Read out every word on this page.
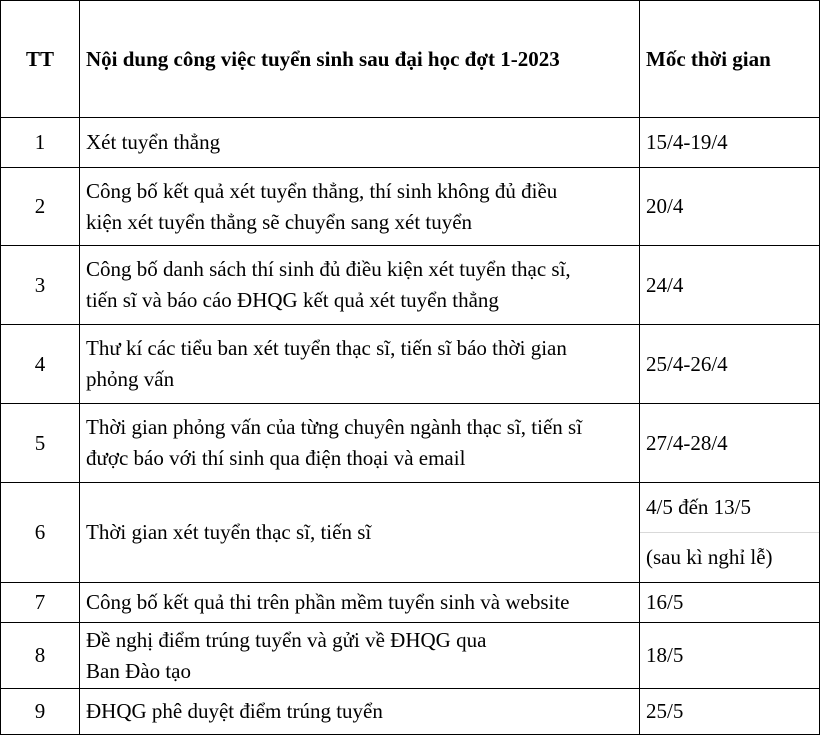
TT	Nội dung công việc tuyển sinh sau đại học đợt 1-2023	Mốc thời gian
1	Xét tuyển thẳng	15/4-19/4
2	Công bố kết quả xét tuyển thẳng, thí sinh không đủ điều
kiện xét tuyển thẳng sẽ chuyển sang xét tuyển	20/4
3	Công bố danh sách thí sinh đủ điều kiện xét tuyển thạc sĩ,
tiến sĩ và báo cáo ĐHQG kết quả xét tuyển thẳng	24/4
4	Thư kí các tiểu ban xét tuyển thạc sĩ, tiến sĩ báo thời gian
phỏng vấn	25/4-26/4
5	Thời gian phỏng vấn của từng chuyên ngành thạc sĩ, tiến sĩ
được báo với thí sinh qua điện thoại và email	27/4-28/4
6	Thời gian xét tuyển thạc sĩ, tiến sĩ	4/5 đến 13/5
(sau kì nghỉ lễ)

7	Công bố kết quả thi trên phần mềm tuyển sinh và website	16/5
8	Đề nghị điểm trúng tuyển và gửi về ĐHQG qua
Ban Đào tạo	18/5
9	ĐHQG phê duyệt điểm trúng tuyển	25/5
